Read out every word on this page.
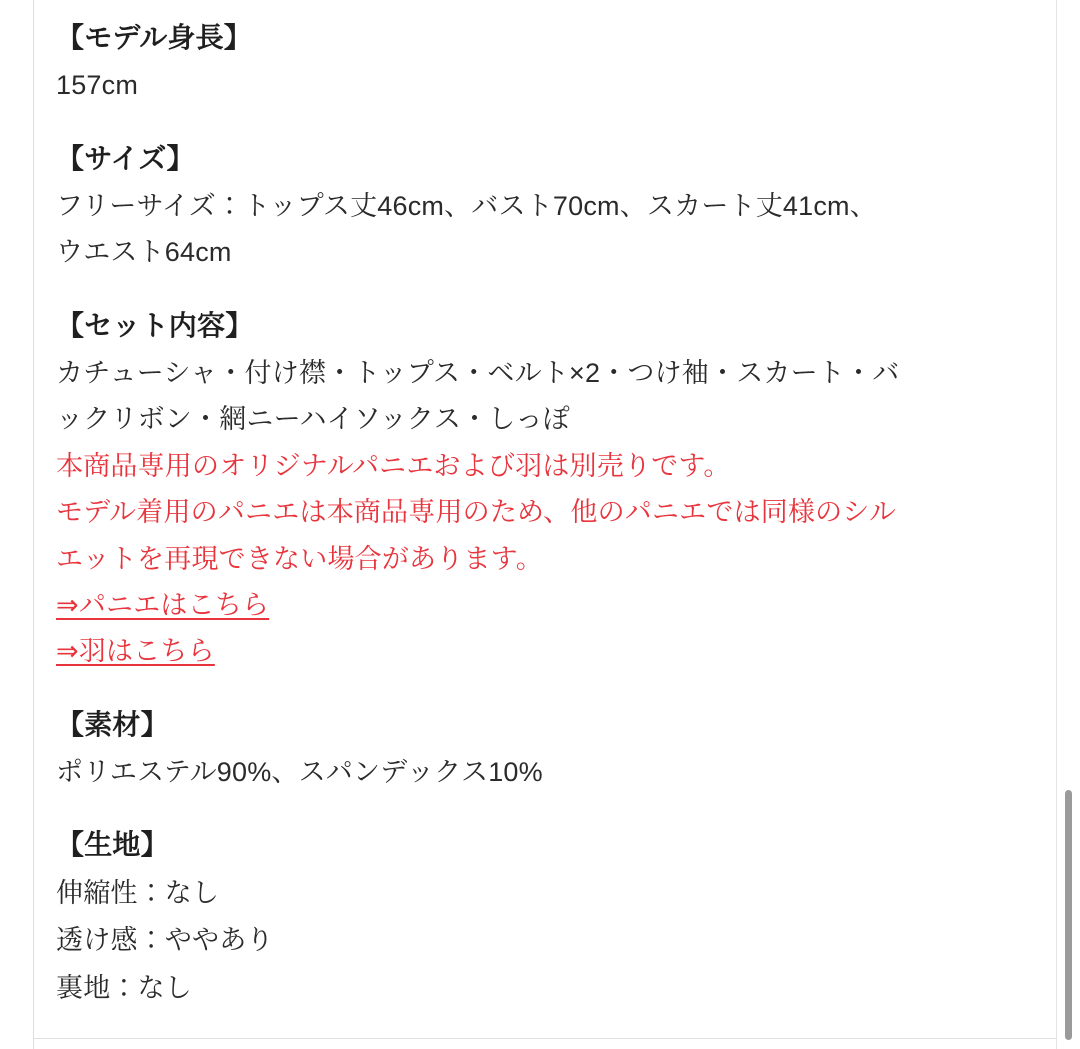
【モデル身長】

157cm

【サイズ】

フリーサイズ：トップス丈46cm、バスト70cm、スカート丈41cm、

ウエスト64cm

【セット内容】

カチューシャ・付け襟・トップス・ベルト×2・つけ袖・スカート・バ

ックリボン・網ニーハイソックス・しっぽ

本商品専用のオリジナルパニエおよび羽は別売りです。

モデル着用のパニエは本商品専用のため、他のパニエでは同様のシル

エットを再現できない場合があります。

⇒パニエはこちら

⇒羽はこちら

【素材】

ポリエステル90%、スパンデックス10%

【生地】

伸縮性：なし

透け感：ややあり

裏地：なし
